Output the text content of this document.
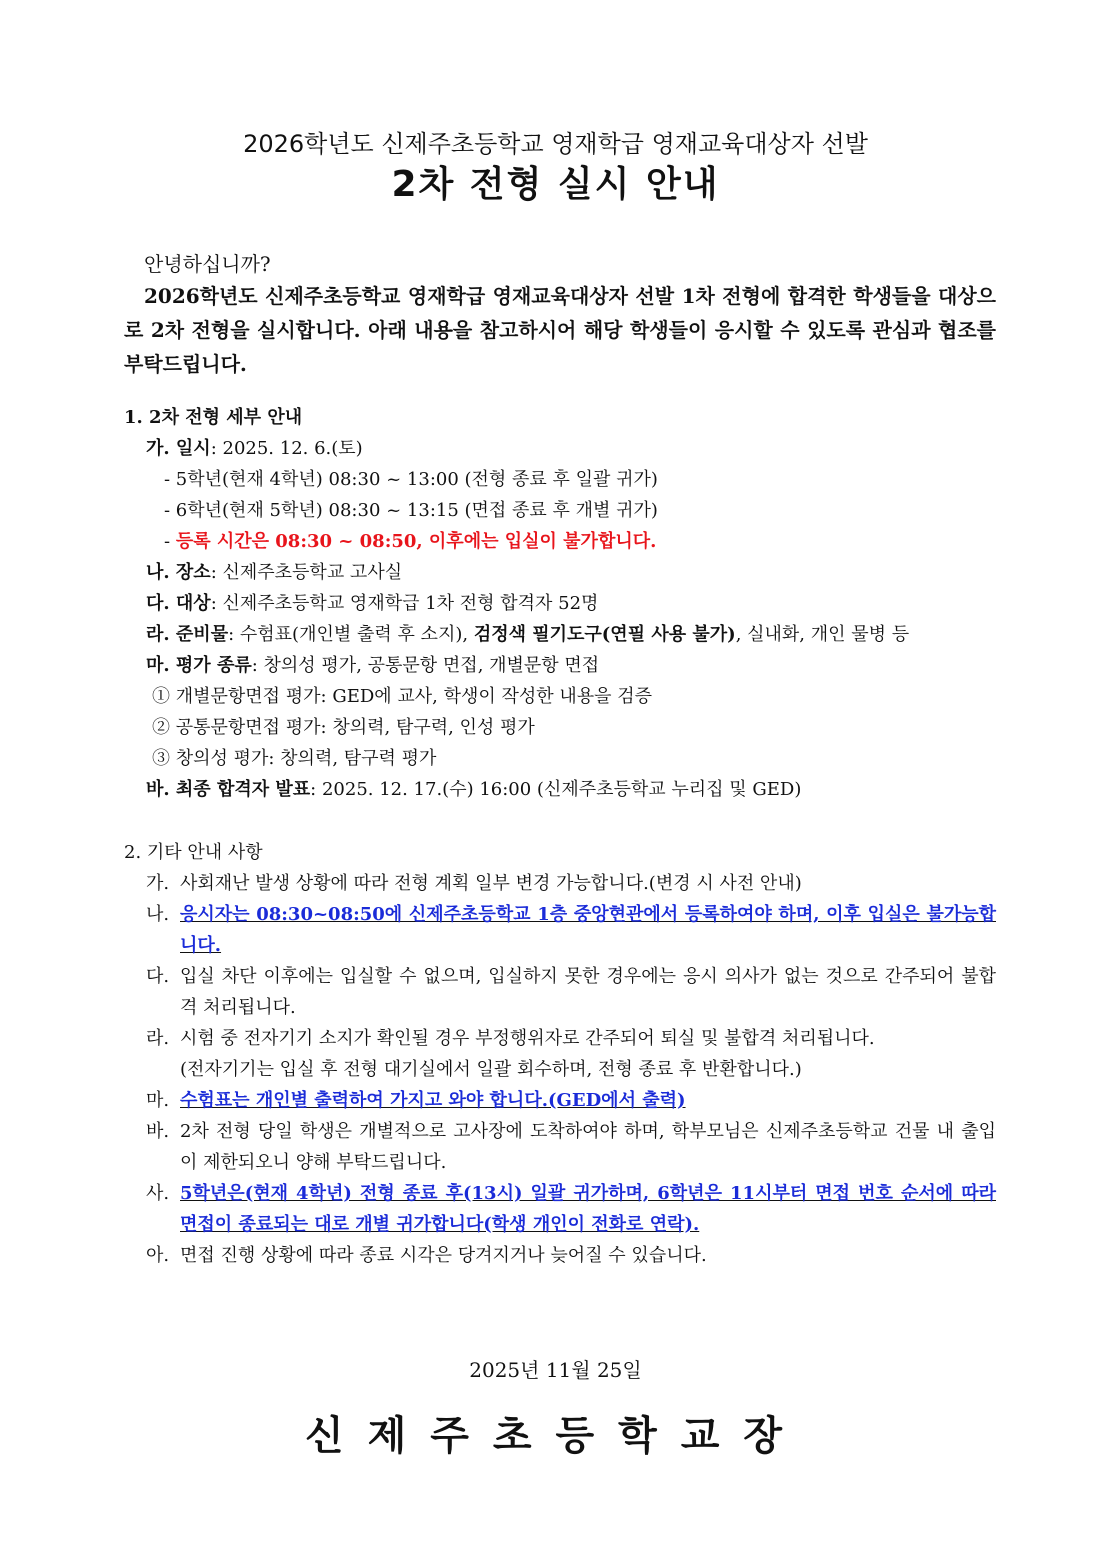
2026학년도 신제주초등학교 영재학급 영재교육대상자 선발
2차 전형 실시 안내
안녕하십니까?
2026학년도 신제주초등학교 영재학급 영재교육대상자 선발 1차 전형에 합격한 학생들을 대상으로 2차 전형을 실시합니다. 아래 내용을 참고하시어 해당 학생들이 응시할 수 있도록 관심과 협조를 부탁드립니다.
1. 2차 전형 세부 안내
가. 일시: 2025. 12. 6.(토)
- 5학년(현재 4학년) 08:30 ~ 13:00 (전형 종료 후 일괄 귀가)
- 6학년(현재 5학년) 08:30 ~ 13:15 (면접 종료 후 개별 귀가)
- 등록 시간은 08:30 ~ 08:50, 이후에는 입실이 불가합니다.
나. 장소: 신제주초등학교 고사실
다. 대상: 신제주초등학교 영재학급 1차 전형 합격자 52명
라. 준비물: 수험표(개인별 출력 후 소지), 검정색 필기도구(연필 사용 불가), 실내화, 개인 물병 등
마. 평가 종류: 창의성 평가, 공통문항 면접, 개별문항 면접
① 개별문항면접 평가: GED에 교사, 학생이 작성한 내용을 검증
② 공통문항면접 평가: 창의력, 탐구력, 인성 평가
③ 창의성 평가: 창의력, 탐구력 평가
바. 최종 합격자 발표: 2025. 12. 17.(수) 16:00 (신제주초등학교 누리집 및 GED)
2. 기타 안내 사항
가. 사회재난 발생 상황에 따라 전형 계획 일부 변경 가능합니다.(변경 시 사전 안내)
나. 응시자는 08:30~08:50에 신제주초등학교 1층 중앙현관에서 등록하여야 하며, 이후 입실은 불가능합니다.
다. 입실 차단 이후에는 입실할 수 없으며, 입실하지 못한 경우에는 응시 의사가 없는 것으로 간주되어 불합격 처리됩니다.
라. 시험 중 전자기기 소지가 확인될 경우 부정행위자로 간주되어 퇴실 및 불합격 처리됩니다.
(전자기기는 입실 후 전형 대기실에서 일괄 회수하며, 전형 종료 후 반환합니다.)
마. 수험표는 개인별 출력하여 가지고 와야 합니다.(GED에서 출력)
바. 2차 전형 당일 학생은 개별적으로 고사장에 도착하여야 하며, 학부모님은 신제주초등학교 건물 내 출입이 제한되오니 양해 부탁드립니다.
사. 5학년은(현재 4학년) 전형 종료 후(13시) 일괄 귀가하며, 6학년은 11시부터 면접 번호 순서에 따라 면접이 종료되는 대로 개별 귀가합니다(학생 개인이 전화로 연락).
아. 면접 진행 상황에 따라 종료 시각은 당겨지거나 늦어질 수 있습니다.
2025년 11월 25일
신제주초등학교장
